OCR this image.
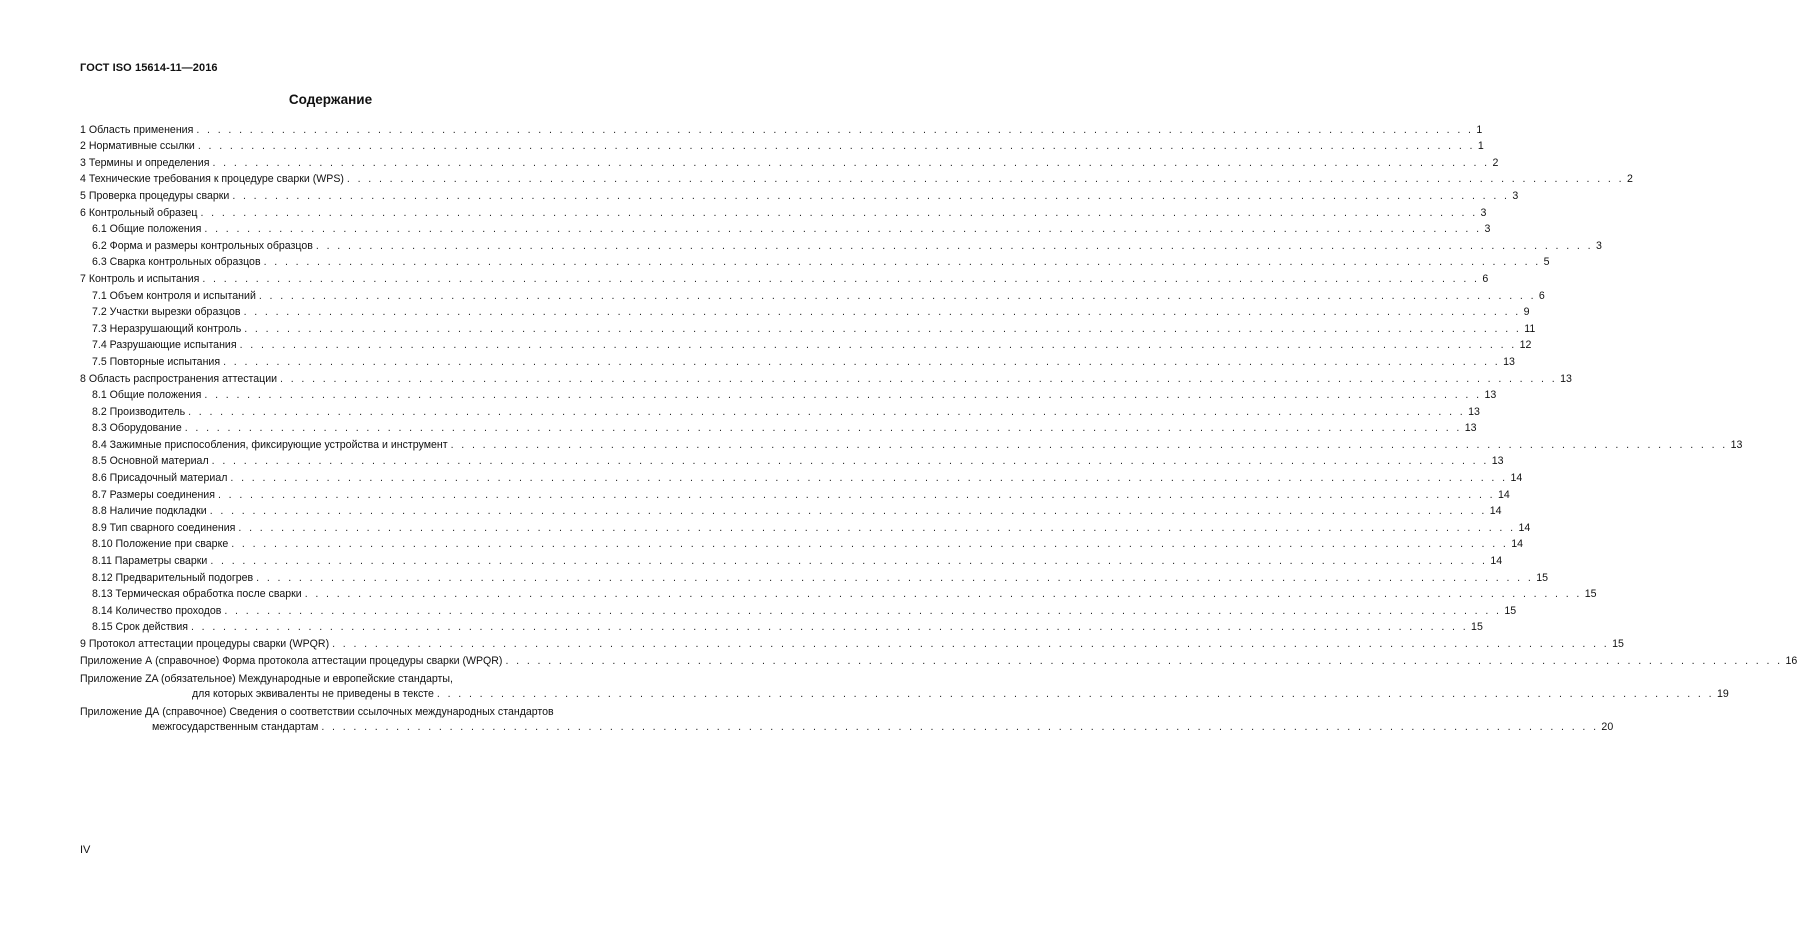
ГОСТ ISO 15614-11—2016
Содержание
1 Область применения . . . . . . . . . . . . . . . . . . . . . . . . . . . . . . . . . . . . . . . . . . . . . . . . . . . . . . . . . . . . . . . . . . . . . . . . . . . . . . . . . . . . . . . . . . . . . . . . . . . . . . . . . . . . . . . . . . . . . . . . 1
2 Нормативные ссылки . . . . . . . . . . . . . . . . . . . . . . . . . . . . . . . . . . . . . . . . . . . . . . . . . . . . . . . . . . . . . . . . . . . . . . . . . . . . . . . . . . . . . . . . . . . . . . . . . . . . . . . . . . . . . . . . . . . . . . . . 1
3 Термины и определения . . . . . . . . . . . . . . . . . . . . . . . . . . . . . . . . . . . . . . . . . . . . . . . . . . . . . . . . . . . . . . . . . . . . . . . . . . . . . . . . . . . . . . . . . . . . . . . . . . . . . . . . . . . . . . . . . . . . . . . . 2
4 Технические требования к процедуре сварки (WPS) . . . . . . . . . . . . . . . . . . . . . . . . . . . . . . . . . . . . . . . . . . . . . . . . . . . . . . . . . . . . . . . . . . . . . . . . . . . . . . . . . . . . . . . . . . . . . . . . . . . . . . . . . . . . . . . . . . . . . . . . 2
5 Проверка процедуры сварки . . . . . . . . . . . . . . . . . . . . . . . . . . . . . . . . . . . . . . . . . . . . . . . . . . . . . . . . . . . . . . . . . . . . . . . . . . . . . . . . . . . . . . . . . . . . . . . . . . . . . . . . . . . . . . . . . . . . . . . . 3
6 Контрольный образец . . . . . . . . . . . . . . . . . . . . . . . . . . . . . . . . . . . . . . . . . . . . . . . . . . . . . . . . . . . . . . . . . . . . . . . . . . . . . . . . . . . . . . . . . . . . . . . . . . . . . . . . . . . . . . . . . . . . . . . . 3
6.1 Общие положения . . . . . . . . . . . . . . . . . . . . . . . . . . . . . . . . . . . . . . . . . . . . . . . . . . . . . . . . . . . . . . . . . . . . . . . . . . . . . . . . . . . . . . . . . . . . . . . . . . . . . . . . . . . . . . . . . . . . . . . . 3
6.2 Форма и размеры контрольных образцов . . . . . . . . . . . . . . . . . . . . . . . . . . . . . . . . . . . . . . . . . . . . . . . . . . . . . . . . . . . . . . . . . . . . . . . . . . . . . . . . . . . . . . . . . . . . . . . . . . . . . . . . . . . . . . . . . . . . . . . . 3
6.3 Сварка контрольных образцов . . . . . . . . . . . . . . . . . . . . . . . . . . . . . . . . . . . . . . . . . . . . . . . . . . . . . . . . . . . . . . . . . . . . . . . . . . . . . . . . . . . . . . . . . . . . . . . . . . . . . . . . . . . . . . . . . . . . . . . . 5
7 Контроль и испытания . . . . . . . . . . . . . . . . . . . . . . . . . . . . . . . . . . . . . . . . . . . . . . . . . . . . . . . . . . . . . . . . . . . . . . . . . . . . . . . . . . . . . . . . . . . . . . . . . . . . . . . . . . . . . . . . . . . . . . . . 6
7.1 Объем контроля и испытаний . . . . . . . . . . . . . . . . . . . . . . . . . . . . . . . . . . . . . . . . . . . . . . . . . . . . . . . . . . . . . . . . . . . . . . . . . . . . . . . . . . . . . . . . . . . . . . . . . . . . . . . . . . . . . . . . . . . . . . . . 6
7.2 Участки вырезки образцов . . . . . . . . . . . . . . . . . . . . . . . . . . . . . . . . . . . . . . . . . . . . . . . . . . . . . . . . . . . . . . . . . . . . . . . . . . . . . . . . . . . . . . . . . . . . . . . . . . . . . . . . . . . . . . . . . . . . . . . . 9
7.3 Неразрушающий контроль . . . . . . . . . . . . . . . . . . . . . . . . . . . . . . . . . . . . . . . . . . . . . . . . . . . . . . . . . . . . . . . . . . . . . . . . . . . . . . . . . . . . . . . . . . . . . . . . . . . . . . . . . . . . . . . . . . . . . . . . 11
7.4 Разрушающие испытания . . . . . . . . . . . . . . . . . . . . . . . . . . . . . . . . . . . . . . . . . . . . . . . . . . . . . . . . . . . . . . . . . . . . . . . . . . . . . . . . . . . . . . . . . . . . . . . . . . . . . . . . . . . . . . . . . . . . . . . . 12
7.5 Повторные испытания . . . . . . . . . . . . . . . . . . . . . . . . . . . . . . . . . . . . . . . . . . . . . . . . . . . . . . . . . . . . . . . . . . . . . . . . . . . . . . . . . . . . . . . . . . . . . . . . . . . . . . . . . . . . . . . . . . . . . . . . 13
8 Область распространения аттестации . . . . . . . . . . . . . . . . . . . . . . . . . . . . . . . . . . . . . . . . . . . . . . . . . . . . . . . . . . . . . . . . . . . . . . . . . . . . . . . . . . . . . . . . . . . . . . . . . . . . . . . . . . . . . . . . . . . . . . . . 13
8.1 Общие положения . . . . . . . . . . . . . . . . . . . . . . . . . . . . . . . . . . . . . . . . . . . . . . . . . . . . . . . . . . . . . . . . . . . . . . . . . . . . . . . . . . . . . . . . . . . . . . . . . . . . . . . . . . . . . . . . . . . . . . . . 13
8.2 Производитель . . . . . . . . . . . . . . . . . . . . . . . . . . . . . . . . . . . . . . . . . . . . . . . . . . . . . . . . . . . . . . . . . . . . . . . . . . . . . . . . . . . . . . . . . . . . . . . . . . . . . . . . . . . . . . . . . . . . . . . . 13
8.3 Оборудование . . . . . . . . . . . . . . . . . . . . . . . . . . . . . . . . . . . . . . . . . . . . . . . . . . . . . . . . . . . . . . . . . . . . . . . . . . . . . . . . . . . . . . . . . . . . . . . . . . . . . . . . . . . . . . . . . . . . . . . . 13
8.4 Зажимные приспособления, фиксирующие устройства и инструмент . . . . . . . . . . . . . . . . . . . . . . . . . . . . . . . . . . . . . . . . . . . . . . . . . . . . . . . . . . . . . . . . . . . . . . . . . . . . . . . . . . . . . . . . . . . . . . . . . . . . . . . . . . . . . . . . . . . . . . . . 13
8.5 Основной материал . . . . . . . . . . . . . . . . . . . . . . . . . . . . . . . . . . . . . . . . . . . . . . . . . . . . . . . . . . . . . . . . . . . . . . . . . . . . . . . . . . . . . . . . . . . . . . . . . . . . . . . . . . . . . . . . . . . . . . . . 13
8.6 Присадочный материал . . . . . . . . . . . . . . . . . . . . . . . . . . . . . . . . . . . . . . . . . . . . . . . . . . . . . . . . . . . . . . . . . . . . . . . . . . . . . . . . . . . . . . . . . . . . . . . . . . . . . . . . . . . . . . . . . . . . . . . . 14
8.7 Размеры соединения . . . . . . . . . . . . . . . . . . . . . . . . . . . . . . . . . . . . . . . . . . . . . . . . . . . . . . . . . . . . . . . . . . . . . . . . . . . . . . . . . . . . . . . . . . . . . . . . . . . . . . . . . . . . . . . . . . . . . . . . 14
8.8 Наличие подкладки . . . . . . . . . . . . . . . . . . . . . . . . . . . . . . . . . . . . . . . . . . . . . . . . . . . . . . . . . . . . . . . . . . . . . . . . . . . . . . . . . . . . . . . . . . . . . . . . . . . . . . . . . . . . . . . . . . . . . . . . 14
8.9 Тип сварного соединения . . . . . . . . . . . . . . . . . . . . . . . . . . . . . . . . . . . . . . . . . . . . . . . . . . . . . . . . . . . . . . . . . . . . . . . . . . . . . . . . . . . . . . . . . . . . . . . . . . . . . . . . . . . . . . . . . . . . . . . . 14
8.10 Положение при сварке . . . . . . . . . . . . . . . . . . . . . . . . . . . . . . . . . . . . . . . . . . . . . . . . . . . . . . . . . . . . . . . . . . . . . . . . . . . . . . . . . . . . . . . . . . . . . . . . . . . . . . . . . . . . . . . . . . . . . . . . 14
8.11 Параметры сварки . . . . . . . . . . . . . . . . . . . . . . . . . . . . . . . . . . . . . . . . . . . . . . . . . . . . . . . . . . . . . . . . . . . . . . . . . . . . . . . . . . . . . . . . . . . . . . . . . . . . . . . . . . . . . . . . . . . . . . . . 14
8.12 Предварительный подогрев . . . . . . . . . . . . . . . . . . . . . . . . . . . . . . . . . . . . . . . . . . . . . . . . . . . . . . . . . . . . . . . . . . . . . . . . . . . . . . . . . . . . . . . . . . . . . . . . . . . . . . . . . . . . . . . . . . . . . . . . 15
8.13 Термическая обработка после сварки . . . . . . . . . . . . . . . . . . . . . . . . . . . . . . . . . . . . . . . . . . . . . . . . . . . . . . . . . . . . . . . . . . . . . . . . . . . . . . . . . . . . . . . . . . . . . . . . . . . . . . . . . . . . . . . . . . . . . . . . 15
8.14 Количество проходов . . . . . . . . . . . . . . . . . . . . . . . . . . . . . . . . . . . . . . . . . . . . . . . . . . . . . . . . . . . . . . . . . . . . . . . . . . . . . . . . . . . . . . . . . . . . . . . . . . . . . . . . . . . . . . . . . . . . . . . . 15
8.15 Срок действия . . . . . . . . . . . . . . . . . . . . . . . . . . . . . . . . . . . . . . . . . . . . . . . . . . . . . . . . . . . . . . . . . . . . . . . . . . . . . . . . . . . . . . . . . . . . . . . . . . . . . . . . . . . . . . . . . . . . . . . . 15
9 Протокол аттестации процедуры сварки (WPQR) . . . . . . . . . . . . . . . . . . . . . . . . . . . . . . . . . . . . . . . . . . . . . . . . . . . . . . . . . . . . . . . . . . . . . . . . . . . . . . . . . . . . . . . . . . . . . . . . . . . . . . . . . . . . . . . . . . . . . . . . 15
Приложение А (справочное) Форма протокола аттестации процедуры сварки (WPQR) . . . . . . . . . . . . . . . . . . . . . . . . . . . . . . . . . . . . . . . . . . . . . . . . . . . . . . . . . . . . . . . . . . . . . . . . . . . . . . . . . . . . . . . . . . . . . . . . . . . . . . . . . . . . . . . . . . . . . . . . 16
Приложение ZA (обязательное) Международные и европейские стандарты,
для которых эквиваленты не приведены в тексте . . . . . . . . . . . . . . . . . . . . . . . . . . . . . . . . . . . . . . . . . . . . . . . . . . . . . . . . . . . . . . . . . . . . . . . . . . . . . . . . . . . . . . . . . . . . . . . . . . . . . . . . . . . . . . . . . . . . . . . . 19
Приложение ДА (справочное) Сведения о соответствии ссылочных международных стандартов
межгосударственным стандартам . . . . . . . . . . . . . . . . . . . . . . . . . . . . . . . . . . . . . . . . . . . . . . . . . . . . . . . . . . . . . . . . . . . . . . . . . . . . . . . . . . . . . . . . . . . . . . . . . . . . . . . . . . . . . . . . . . . . . . . . 20
IV
